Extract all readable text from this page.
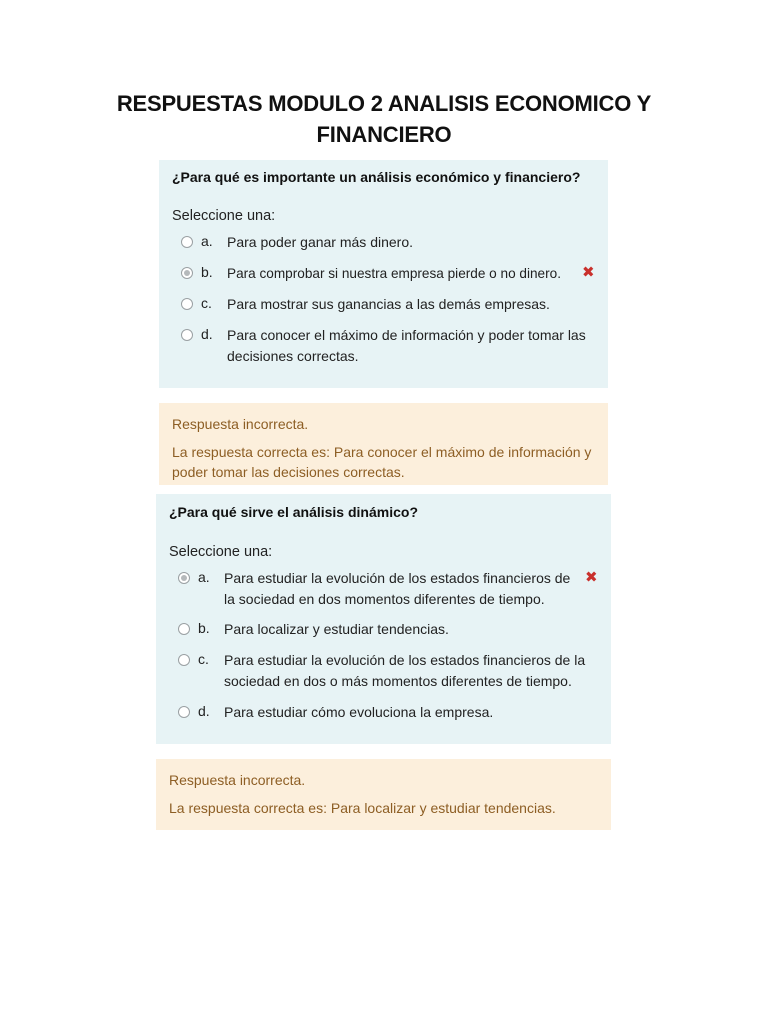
RESPUESTAS MODULO 2 ANALISIS ECONOMICO Y FINANCIERO
¿Para qué es importante un análisis económico y financiero?
Seleccione una:
a. Para poder ganar más dinero.
b. Para comprobar si nuestra empresa pierde o no dinero.	✖
c. Para mostrar sus ganancias a las demás empresas.
d. Para conocer el máximo de información y poder tomar las decisiones correctas.
Respuesta incorrecta.
La respuesta correcta es: Para conocer el máximo de información y poder tomar las decisiones correctas.
¿Para qué sirve el análisis dinámico?
Seleccione una:
a. Para estudiar la evolución de los estados financieros de la sociedad en dos momentos diferentes de tiempo.
✖
b. Para localizar y estudiar tendencias.
c. Para estudiar la evolución de los estados financieros de la sociedad en dos o más momentos diferentes de tiempo.
d. Para estudiar cómo evoluciona la empresa.
Respuesta incorrecta.
La respuesta correcta es: Para localizar y estudiar tendencias.
